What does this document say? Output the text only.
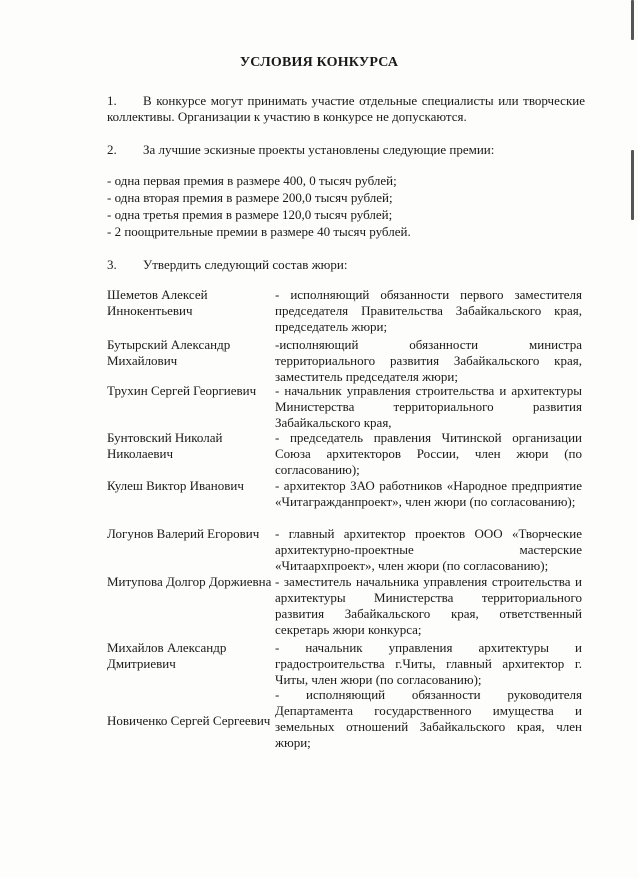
УСЛОВИЯ КОНКУРСА
1. В конкурсе могут принимать участие отдельные специалисты или творческие коллективы. Организации к участию в конкурсе не допускаются.
2. За лучшие эскизные проекты установлены следующие премии:
- одна первая премия в размере 400, 0 тысяч рублей;
- одна вторая премия в размере 200,0 тысяч рублей;
- одна третья премия в размере 120,0 тысяч рублей;
- 2 поощрительные премии в размере 40 тысяч рублей.
3. Утвердить следующий состав жюри:
Шеметов Алексей Иннокентьевич
- исполняющий обязанности первого заместителя председателя Правительства Забайкальского края, председатель жюри;
Бутырский Александр Михайлович
-исполняющий обязанности министра территориального развития Забайкальского края, заместитель председателя жюри;
Трухин Сергей Георгиевич	- начальник управления строительства и архитектуры Министерства территориального развития Забайкальского края,
Бунтовский Николай Николаевич
- председатель правления Читинской организации Союза архитекторов России, член жюри (по согласованию);
Кулеш Виктор Иванович	- архитектор ЗАО работников «Народное предприятие «Читагражданпроект», член жюри (по согласованию);
Логунов Валерий Егорович	- главный архитектор проектов ООО «Творческие архитектурно-проектные мастерские «Читаархпроект», член жюри (по согласованию);
Митупова Долгор Доржиевна - заместитель начальника управления строительства и архитектуры Министерства территориального развития Забайкальского края, ответственный секретарь жюри конкурса;
Михайлов Александр Дмитриевич
- начальник управления архитектуры и градостроительства г.Читы, главный архитектор г. Читы, член жюри (по согласованию);
Новиченко Сергей Сергеевич
- исполняющий обязанности руководителя Департамента государственного имущества и земельных отношений Забайкальского края, член жюри;
